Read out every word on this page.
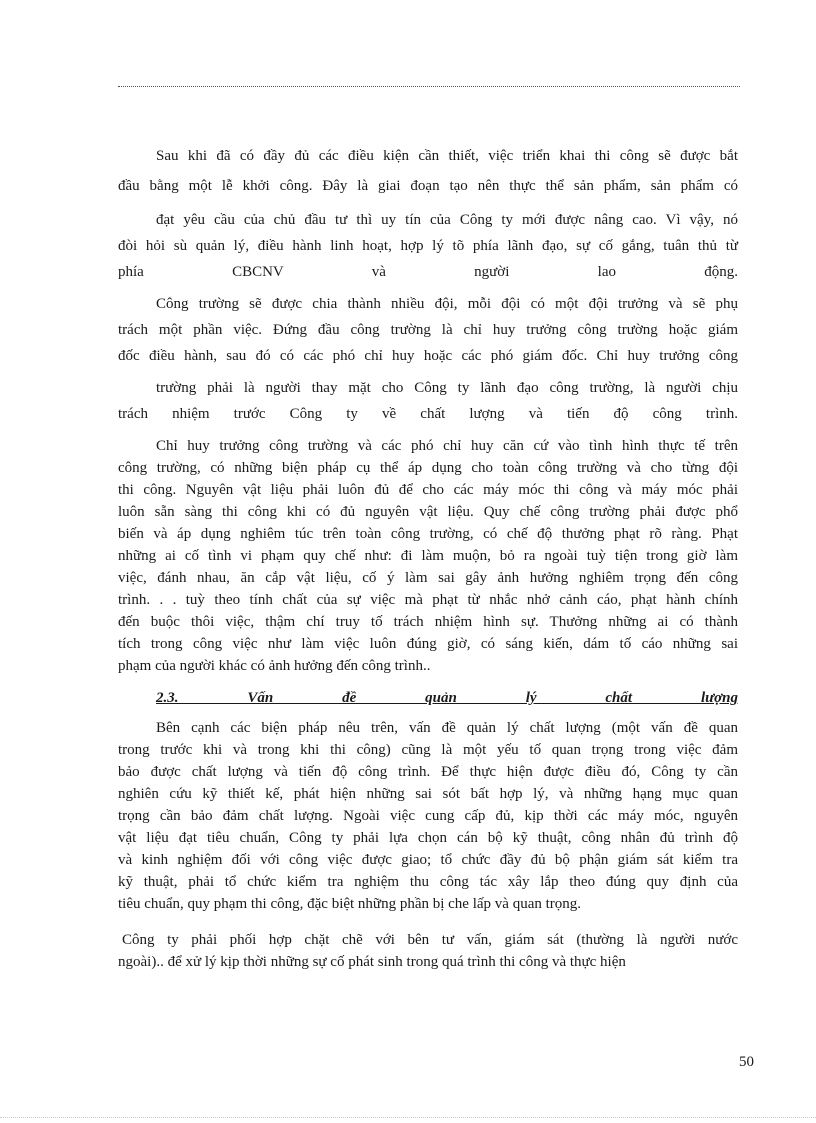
Sau khi đã có đầy đủ các điều kiện cần thiết, việc triển khai thi công sẽ được bắt
đầu bằng một lễ khởi công. Đây là giai đoạn tạo nên thực thể sản phẩm, sản phẩm có
đạt yêu cầu của chủ đầu tư thì uy tín của Công ty mới được nâng cao. Vì vậy, nó
đòi hỏi sù quản lý, điều hành linh hoạt, hợp lý tõ phía lãnh đạo, sự cố gắng, tuân thủ từ
phía CBCNV và người lao động.
Công trường sẽ được chia thành nhiều đội, mỗi đội có một đội trưởng và sẽ phụ
trách một phần việc. Đứng đầu công trường là chỉ huy trưởng công trường hoặc giám
đốc điều hành, sau đó có các phó chỉ huy hoặc các phó giám đốc. Chỉ huy trưởng công
trường phải là người thay mặt cho Công ty lãnh đạo công trường, là người chịu
trách nhiệm trước Công ty về chất lượng và tiến độ công trình.
Chỉ huy trưởng công trường và các phó chỉ huy căn cứ vào tình hình thực tế trên
công trường, có những biện pháp cụ thể áp dụng cho toàn công trường và cho từng đội
thi công. Nguyên vật liệu phải luôn đủ để cho các máy móc thi công và máy móc phải
luôn sẵn sàng thi công khi có đủ nguyên vật liệu. Quy chế công trường phải được phổ
biến và áp dụng nghiêm túc trên toàn công trường, có chế độ thưởng phạt rõ ràng. Phạt
những ai cố tình vi phạm quy chế như: đi làm muộn, bỏ ra ngoài tuỳ tiện trong giờ làm
việc, đánh nhau, ăn cắp vật liệu, cố ý làm sai gây ảnh hưởng nghiêm trọng đến công
trình. . . tuỳ theo tính chất của sự việc mà phạt từ nhắc nhở cảnh cáo, phạt hành chính
đến buộc thôi việc, thậm chí truy tố trách nhiệm hình sự. Thưởng những ai có thành
tích trong công việc như làm việc luôn đúng giờ, có sáng kiến, dám tố cáo những sai
phạm của người khác có ảnh hưởng đến công trình..
2.3. Vấn đề quản lý chất lượng
Bên cạnh các biện pháp nêu trên, vấn đề quản lý chất lượng (một vấn đề quan
trong trước khi và trong khi thi công) cũng là một yếu tố quan trọng trong việc đảm
bảo được chất lượng và tiến độ công trình. Để thực hiện được điều đó, Công ty cần
nghiên cứu kỹ thiết kế, phát hiện những sai sót bất hợp lý, và những hạng mục quan
trọng cần bảo đảm chất lượng. Ngoài việc cung cấp đủ, kịp thời các máy móc, nguyên
vật liệu đạt tiêu chuẩn, Công ty phải lựa chọn cán bộ kỹ thuật, công nhân đủ trình độ
và kinh nghiệm đối với công việc được giao; tổ chức đầy đủ bộ phận giám sát kiểm tra
kỹ thuật, phải tổ chức kiểm tra nghiệm thu công tác xây lắp theo đúng quy định của
tiêu chuẩn, quy phạm thi công, đặc biệt những phần bị che lấp và quan trọng.
Công ty phải phối hợp chặt chẽ với bên tư vấn, giám sát (thường là người nước
ngoài).. để xử lý kịp thời những sự cố phát sinh trong quá trình thi công và thực hiện
50
